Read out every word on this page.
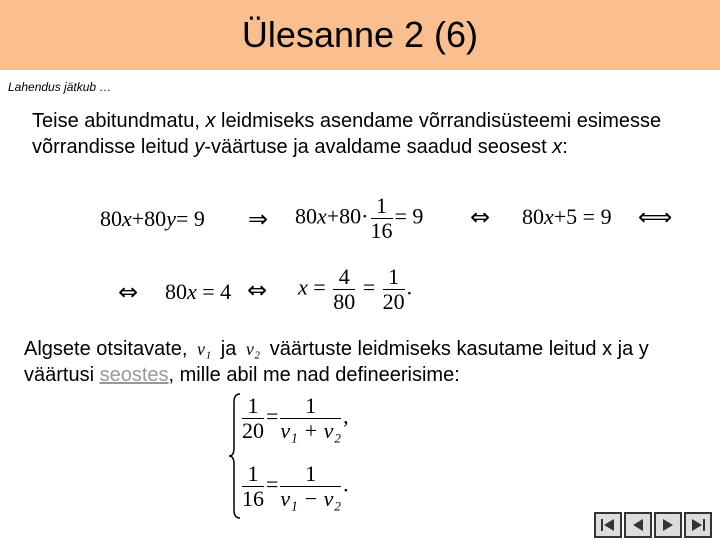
Ülesanne 2 (6)
Lahendus jätkub …
Teise abitundmatu, x leidmiseks asendame võrrandisüsteemi esimesse võrrandisse leitud y-väärtuse ja avaldame saadud seosest x:
80x+80y= 9 ⇒ $80x+80\cdot \frac{1}{16} = 9$ ⇔ 80x+5 = 9 ⟺
⇔ 80x = 4 ⇔ $x = \frac{4}{80} = \frac{1}{20}$ .
Algsete otsitavate, v₁ ja v₂ väärtuste leidmiseks kasutame leitud x ja y väärtusi seostes, mille abil me nad defineerisime:
$\frac{1}{20} = \frac{1}{\text{v₁ + v₂}}$ ,
$\frac{1}{16} = \frac{1}{\text{v₁ − v₂}}$ .
